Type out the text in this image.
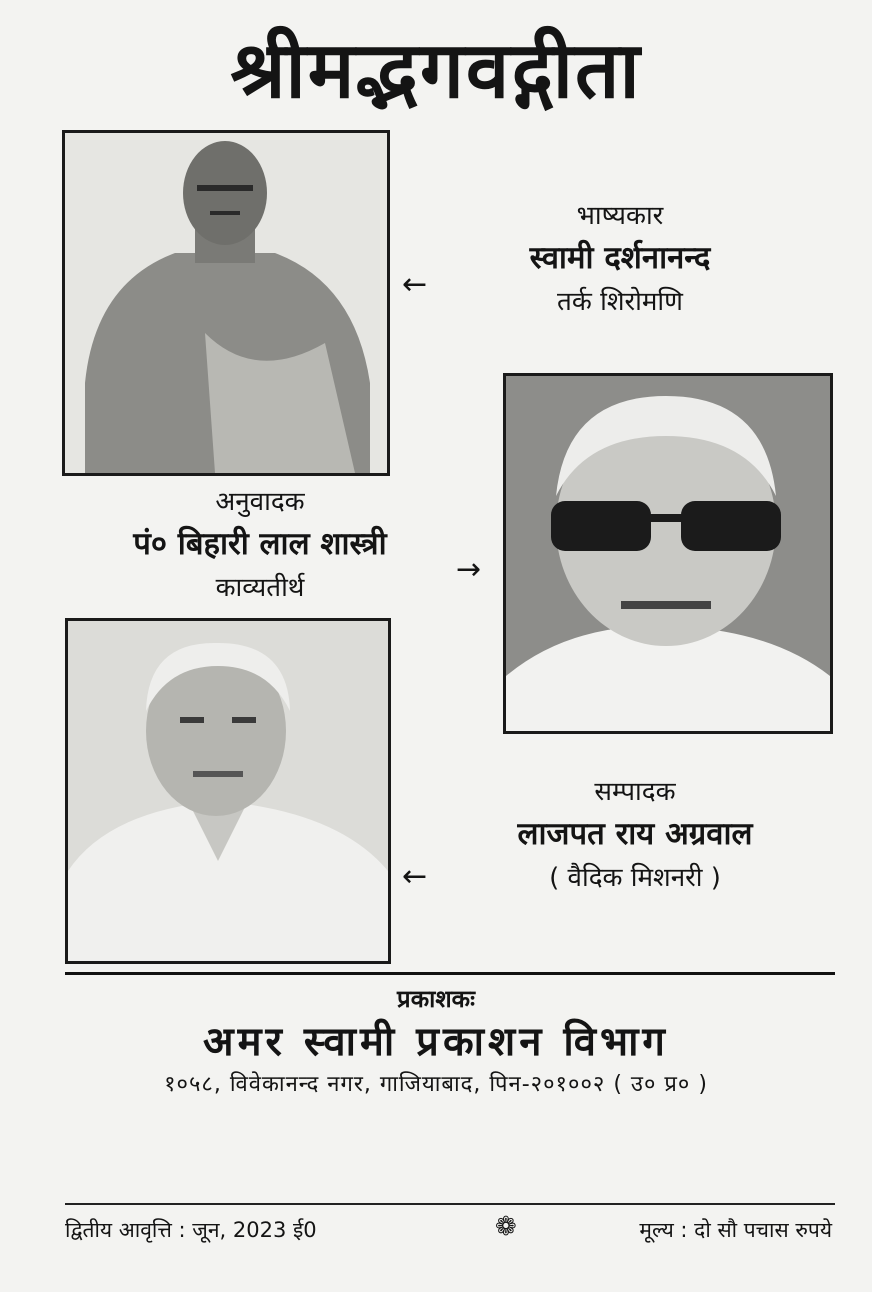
श्रीमद्भगवद्गीता
←
भाष्यकार
स्वामी दर्शनानन्द
तर्क शिरोमणि
अनुवादक
पं० बिहारी लाल शास्त्री
काव्यतीर्थ
→
सम्पादक
लाजपत राय अग्रवाल
( वैदिक मिशनरी )
←
प्रकाशकः
अमर स्वामी प्रकाशन विभाग
१०५८, विवेकानन्द नगर, गाजियाबाद, पिन-२०१००२ ( उ० प्र० )
द्वितीय आवृत्ति : जून, 2023 ई0	❁	मूल्य : दो सौ पचास रुपये
